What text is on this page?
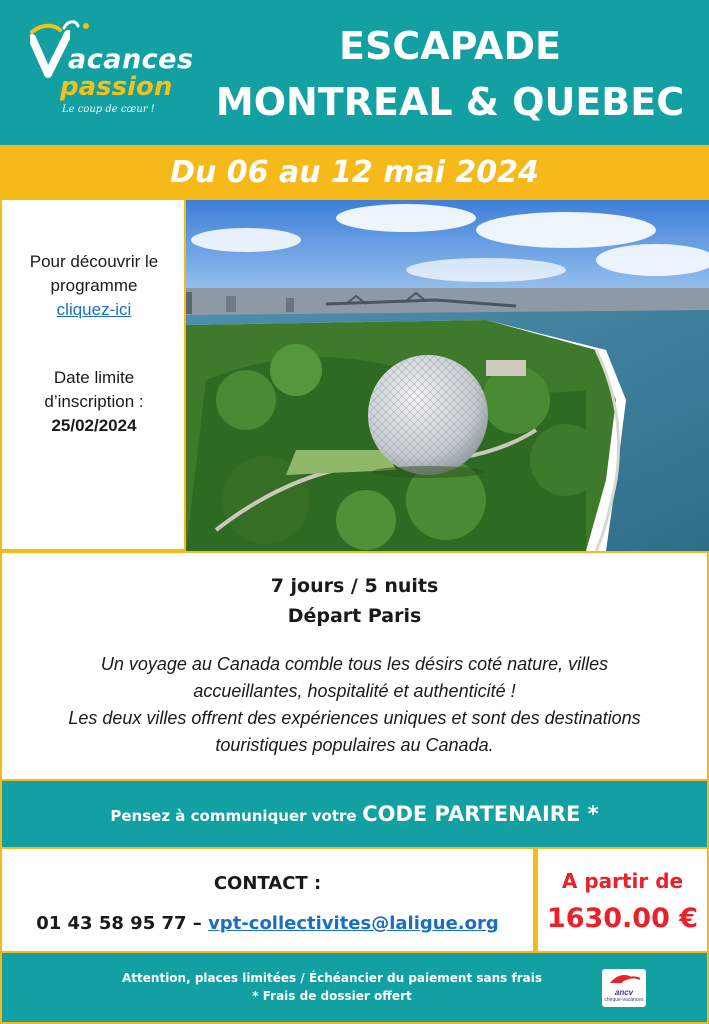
acances
passion
Le coup de cœur !
ESCAPADE
MONTREAL & QUEBEC
Du 06 au 12 mai 2024
Pour découvrir le
programme
cliquez-ici
Date limite
d’inscription :
25/02/2024
7 jours / 5 nuits
Départ Paris
Un voyage au Canada comble tous les désirs coté nature, villes
accueillantes, hospitalité et authenticité !
Les deux villes offrent des expériences uniques et sont des destinations
touristiques populaires au Canada.
Pensez à communiquer votre CODE PARTENAIRE *
CONTACT :
01 43 58 95 77 – vpt-collectivites@laligue.org
A partir de
1630.00 €
Attention, places limitées / Échéancier du paiement sans frais
* Frais de dossier offert	ancv
chèque-vacances
